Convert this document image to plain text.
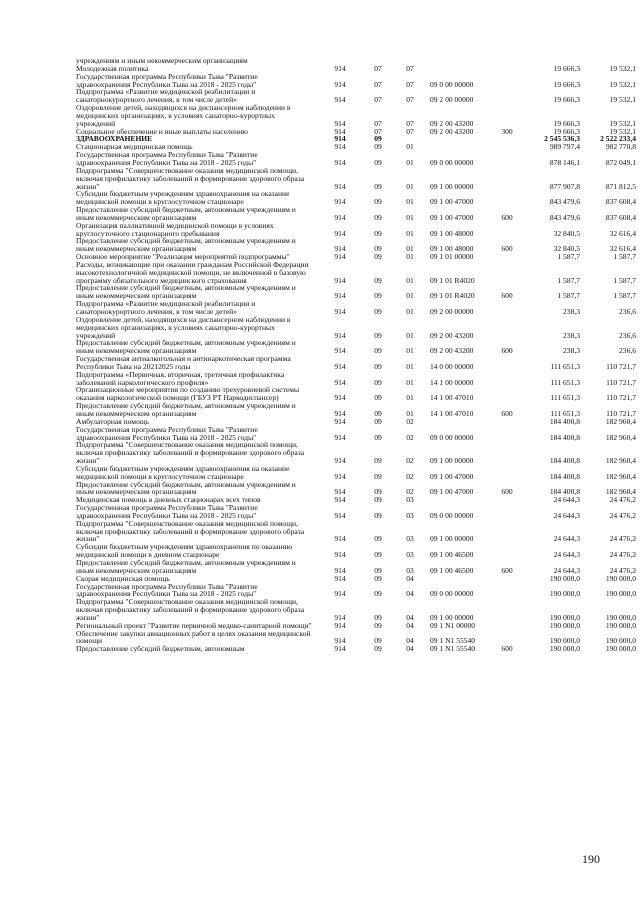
учреждениям и иным некоммерческим организациям							
Молодежная политика	914	07	07			19 666,3	19 532,1
Государственная программа Республики Тыва "Развитие здравоохранения Республики Тыва на 2018 - 2025 годы"	914	07	07	09 0 00 00000		19 666,3	19 532,1
Подпрограмма «Развитие медицинской реабилитации и санаторнокурортного лечения, в том числе детей»	914	07	07	09 2 00 00000		19 666,3	19 532,1
Оздоровление детей, находящихся на диспансерном наблюдении в медицинских организациях, в условиях санаторно-курортных учреждений	914	07	07	09 2 00 43200		19 666,3	19 532,1
Социальное обеспечение и иные выплаты населению	914	07	07	09 2 00 43200	300	19 666,3	19 532,1
ЗДРАВООХРАНЕНИЕ	914	09				2 545 536,3	2 522 233,4
Стационарная медицинская помощь	914	09	01			989 797,4	982 770,8
Государственная программа Республики Тыва "Развитие здравоохранения Республики Тыва на 2018 - 2025 годы"	914	09	01	09 0 00 00000		878 146,1	872 049,1
Подпрограмма "Совершенствование оказания медицинской помощи, включая профилактику заболеваний и формирование здорового образа жизни"	914	09	01	09 1 00 00000		877 907,8	871 812,5
Субсидии бюджетным учреждениям здравоохранения на оказание медицинской помощи в круглосуточном стационаре	914	09	01	09 1 00 47000		843 479,6	837 608,4
Предоставление субсидий бюджетным, автономным учреждениям и иным некоммерческим организациям	914	09	01	09 1 00 47000	600	843 479,6	837 608,4
Организация паллиативной медицинской помощи в условиях круглосуточного стационарного пребывания	914	09	01	09 1 00 48000		32 840,5	32 616,4
Предоставление субсидий бюджетным, автономным учреждениям и иным некоммерческим организациям	914	09	01	09 1 00 48000	600	32 840,5	32 616,4
Основное мероприятие "Реализация мероприятий подпрограммы"	914	09	01	09 1 01 00000		1 587,7	1 587,7
Расходы, возникающие при оказании гражданам Российской Федерации высокотехнологичной медицинской помощи, не включенной в базовую программу обязательного медицинского страхования	914	09	01	09 1 01 R4020		1 587,7	1 587,7
Предоставление субсидий бюджетным, автономным учреждениям и иным некоммерческим организациям	914	09	01	09 1 01 R4020	600	1 587,7	1 587,7
Подпрограмма «Развитие медицинской реабилитации и санаторнокурортного лечения, в том числе детей»	914	09	01	09 2 00 00000		238,3	236,6
Оздоровление детей, находящихся на диспансерном наблюдении в медицинских организациях, в условиях санаторно-курортных учреждений	914	09	01	09 2 00 43200		238,3	236,6
Предоставление субсидий бюджетным, автономным учреждениям и иным некоммерческим организациям	914	09	01	09 2 00 43200	600	238,3	236,6
Государственная антиалкогольная и антинаркотическая программа Республики Тыва на 20212025 годы	914	09	01	14 0 00 00000		111 651,3	110 721,7
Подпрограмма «Первичная, вторичная, третичная профилактика заболеваний наркологического профиля»	914	09	01	14 1 00 00000		111 651,3	110 721,7
Организационные мероприятия по созданию трехуровневой системы оказания наркологической помощи (ГБУЗ РТ Наркодиспансер)	914	09	01	14 1 00 47010		111 651,3	110 721,7
Предоставление субсидий бюджетным, автономным учреждениям и иным некоммерческим организациям	914	09	01	14 1 00 47010	600	111 651,3	110 721,7
Амбулаторная помощь	914	09	02			184 400,8	182 960,4
Государственная программа Республики Тыва "Развитие здравоохранения Республики Тыва на 2018 - 2025 годы"	914	09	02	09 0 00 00000		184 400,8	182 960,4
Подпрограмма "Совершенствование оказания медицинской помощи, включая профилактику заболеваний и формирование здорового образа жизни"	914	09	02	09 1 00 00000		184 400,8	182 960,4
Субсидии бюджетным учреждениям здравоохранения на оказание медицинской помощи в круглосуточном стационаре	914	09	02	09 1 00 47000		184 400,8	182 960,4
Предоставление субсидий бюджетным, автономным учреждениям и иным некоммерческим организациям	914	09	02	09 1 00 47000	600	184 400,8	182 960,4
Медицинская помощь в дневных стационарах всех типов	914	09	03			24 644,3	24 476,2
Государственная программа Республики Тыва "Развитие здравоохранения Республики Тыва на 2018 - 2025 годы"	914	09	03	09 0 00 00000		24 644,3	24 476,2
Подпрограмма "Совершенствование оказания медицинской помощи, включая профилактику заболеваний и формирование здорового образа жизни"	914	09	03	09 1 00 00000		24 644,3	24 476,2
Субсидии бюджетным учреждениям здравоохранения по оказанию медицинской помощи в дневном стационаре	914	09	03	09 1 00 46500		24 644,3	24 476,2
Предоставление субсидий бюджетным, автономным учреждениям и иным некоммерческим организациям	914	09	03	09 1 00 46500	600	24 644,3	24 476,2
Скорая медицинская помощь	914	09	04			190 000,0	190 000,0
Государственная программа Республики Тыва "Развитие здравоохранения Республики Тыва на 2018 - 2025 годы"	914	09	04	09 0 00 00000		190 000,0	190 000,0
Подпрограмма "Совершенствование оказания медицинской помощи, включая профилактику заболеваний и формирование здорового образа жизни"	914	09	04	09 1 00 00000		190 000,0	190 000,0
Региональный проект "Развитие первичной медико-санитарной помощи"	914	09	04	09 1 N1 00000		190 000,0	190 000,0
Обеспечение закупки авиационных работ в целях оказания медицинской помощи	914	09	04	09 1 N1 55540		190 000,0	190 000,0
Предоставление субсидий бюджетным, автономным	914	09	04	09 1 N1 55540	600	190 000,0	190 000,0
190
